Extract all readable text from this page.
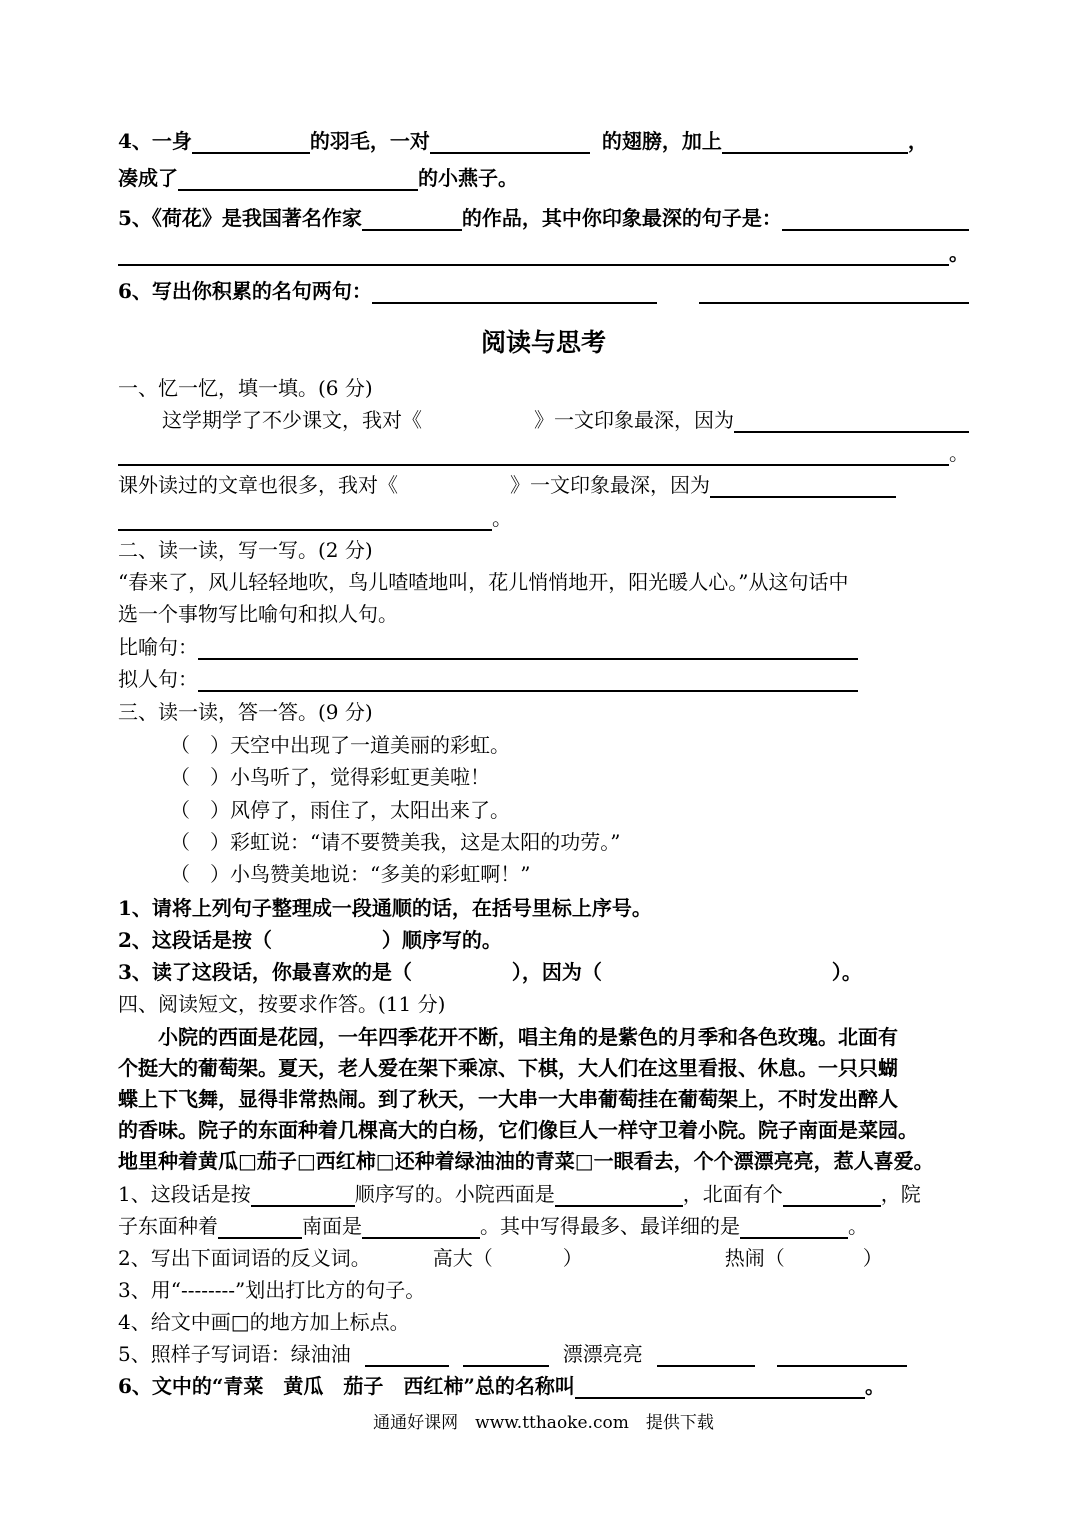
4、一身	的羽毛，一对	的翅膀，加上	，
凑成了	的小燕子。
5、《荷花》是我国著名作家	的作品，其中你印象最深的句子是：
。
6、写出你积累的名句两句：
阅读与思考
一、忆一忆，填一填。(6 分)
这学期学了不少课文，我对《	》一文印象最深，因为
。
课外读过的文章也很多，我对《	》一文印象最深，因为
。
二、读一读，写一写。(2 分)
“春来了，风儿轻轻地吹，鸟儿喳喳地叫，花儿悄悄地开，阳光暖人心。”从这句话中
选一个事物写比喻句和拟人句。
比喻句：
拟人句：
三、读一读，答一答。(9 分)
（　）天空中出现了一道美丽的彩虹。
（　）小鸟听了，觉得彩虹更美啦！
（　）风停了，雨住了，太阳出来了。
（　）彩虹说：“请不要赞美我，这是太阳的功劳。”
（　）小鸟赞美地说：“多美的彩虹啊！”
1、请将上列句子整理成一段通顺的话，在括号里标上序号。
2、这段话是按（	）顺序写的。
3、读了这段话，你最喜欢的是（	），因为（	）。
四、阅读短文，按要求作答。(11 分)
　　小院的西面是花园，一年四季花开不断，唱主角的是紫色的月季和各色玫瑰。北面有
个挺大的葡萄架。夏天，老人爱在架下乘凉、下棋，大人们在这里看报、休息。一只只蝴
蝶上下飞舞，显得非常热闹。到了秋天，一大串一大串葡萄挂在葡萄架上，不时发出醉人
的香味。院子的东面种着几棵高大的白杨，它们像巨人一样守卫着小院。院子南面是菜园。
地里种着黄瓜□茄子□西红柿□还种着绿油油的青菜□一眼看去，个个漂漂亮亮，惹人喜爱。
1、这段话是按	顺序写的。小院西面是	，北面有个	，院
子东面种着	南面是	。其中写得最多、最详细的是	。
2、写出下面词语的反义词。	高大（	）	热闹（	）
3、用“--------”划出打比方的句子。
4、给文中画□的地方加上标点。
5、照样子写词语：绿油油	漂漂亮亮
6、文中的“青菜　黄瓜　茄子　西红柿”总的名称叫	。
通通好课网　www.tthaoke.com　提供下载
